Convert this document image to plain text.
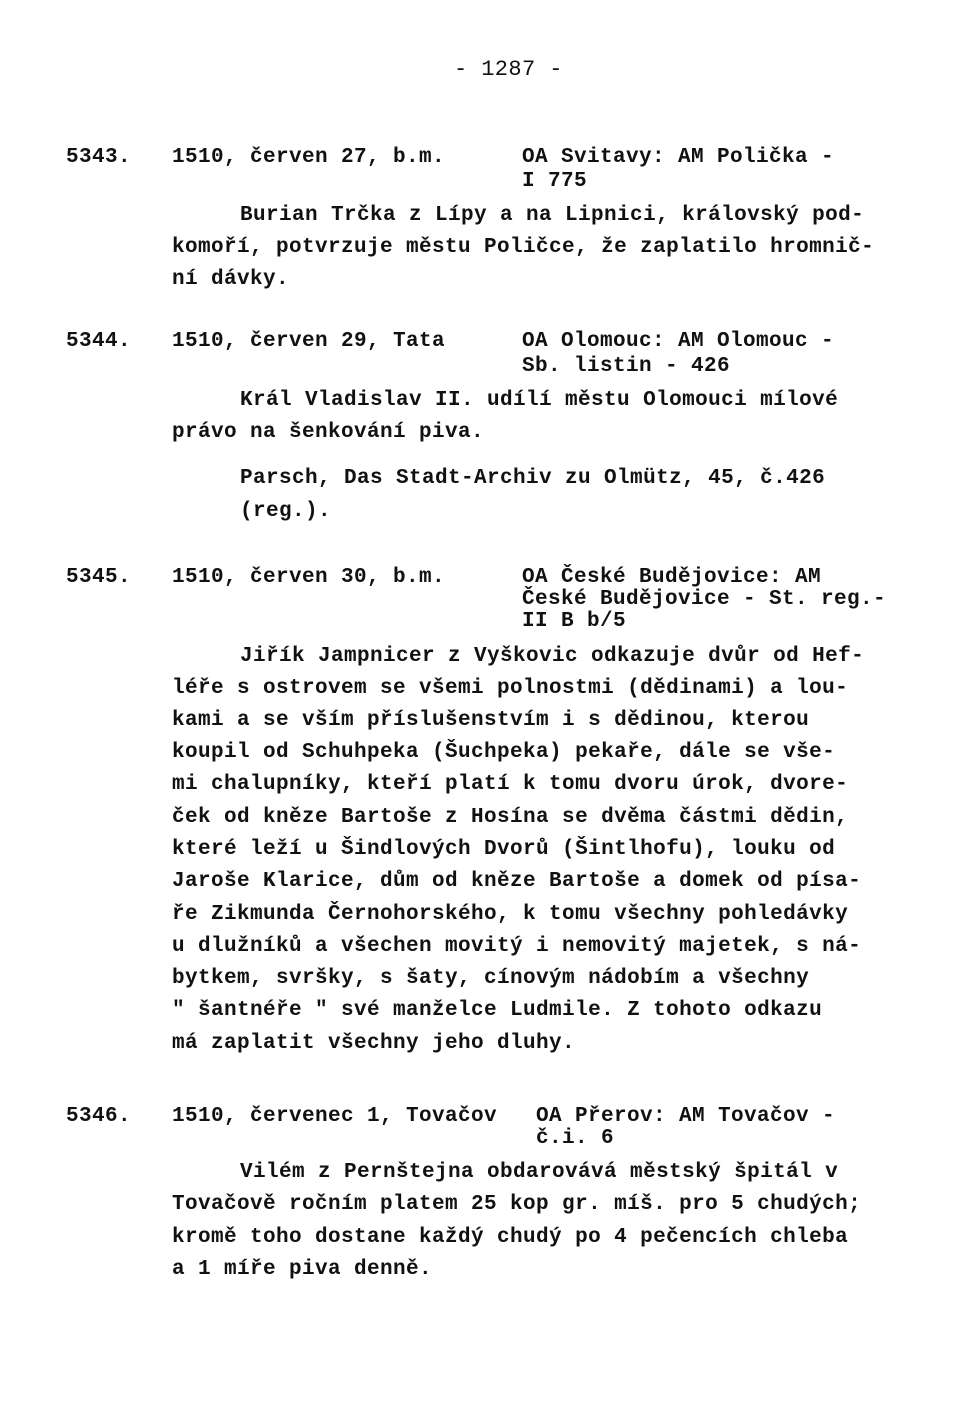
- 1287 -
5343. 1510, červen 27, b.m.	OA Svitavy: AM Polička -
I 775
Burian Trčka z Lípy a na Lipnici, královský pod-
komoří, potvrzuje městu Poličce, že zaplatilo hromnič-
ní dávky.
5344. 1510, červen 29, Tata	OA Olomouc: AM Olomouc -
Sb. listin - 426
Král Vladislav II. udílí městu Olomouci mílové
právo na šenkování piva.
Parsch, Das Stadt-Archiv zu Olmütz, 45, č.426
(reg.).
5345. 1510, červen 30, b.m.	OA České Budějovice: AM
České Budějovice - St. reg.-
II B b/5
Jiřík Jampnicer z Vyškovic odkazuje dvůr od Hef-
léře s ostrovem se všemi polnostmi (dědinami) a lou-
kami a se vším příslušenstvím i s dědinou, kterou
koupil od Schuhpeka (Šuchpeka) pekaře, dále se vše-
mi chalupníky, kteří platí k tomu dvoru úrok, dvore-
ček od kněze Bartoše z Hosína se dvěma částmi dědin,
které leží u Šindlových Dvorů (Šintlhofu), louku od
Jaroše Klarice, dům od kněze Bartoše a domek od písa-
ře Zikmunda Černohorského, k tomu všechny pohledávky
u dlužníků a všechen movitý i nemovitý majetek, s ná-
bytkem, svršky, s šaty, cínovým nádobím a všechny
" šantnéře " své manželce Ludmile. Z tohoto odkazu
má zaplatit všechny jeho dluhy.
5346. 1510, červenec 1, Tovačov OA Přerov: AM Tovačov -
č.i. 6
Vilém z Pernštejna obdarovává městský špitál v
Tovačově ročním platem 25 kop gr. míš. pro 5 chudých;
kromě toho dostane každý chudý po 4 pečencích chleba
a 1 míře piva denně.
